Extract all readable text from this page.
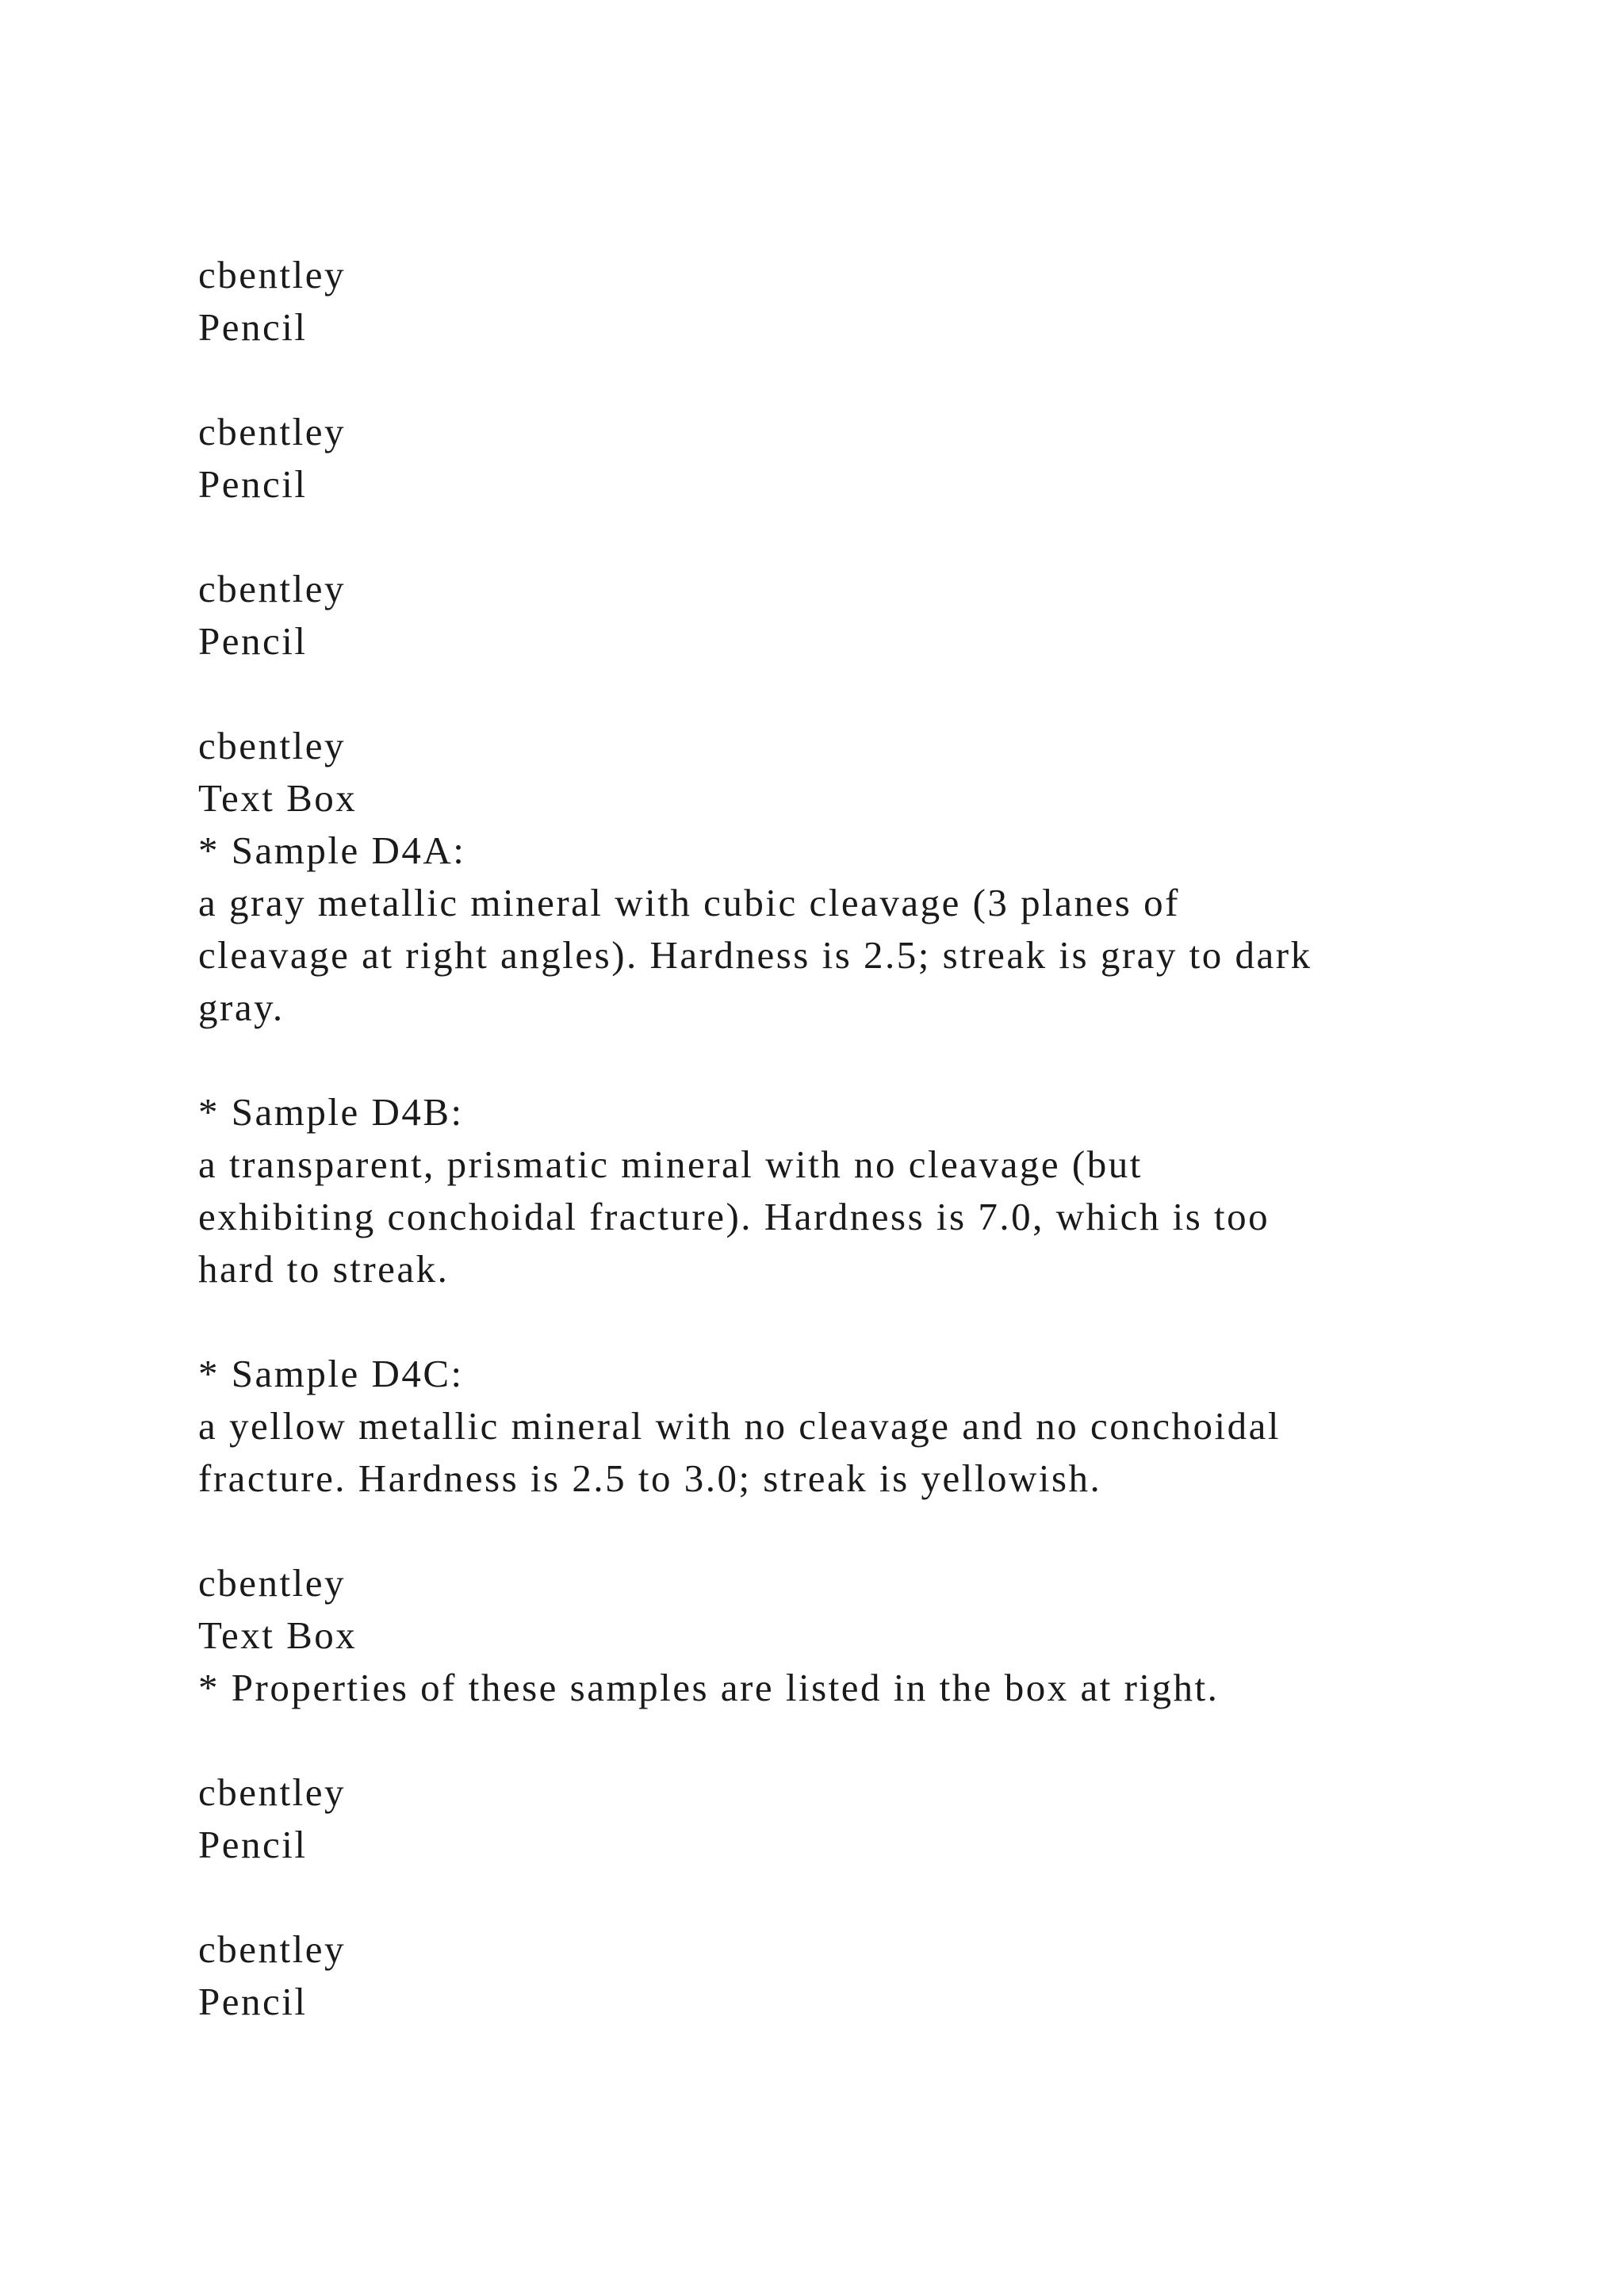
cbentley
Pencil
cbentley
Pencil
cbentley
Pencil
cbentley
Text Box
* Sample D4A:
a gray metallic mineral with cubic cleavage (3 planes of
cleavage at right angles). Hardness is 2.5; streak is gray to dark
gray.
* Sample D4B:
a transparent, prismatic mineral with no cleavage (but
exhibiting conchoidal fracture). Hardness is 7.0, which is too
hard to streak.
* Sample D4C:
a yellow metallic mineral with no cleavage and no conchoidal
fracture. Hardness is 2.5 to 3.0; streak is yellowish.
cbentley
Text Box
* Properties of these samples are listed in the box at right.
cbentley
Pencil
cbentley
Pencil
